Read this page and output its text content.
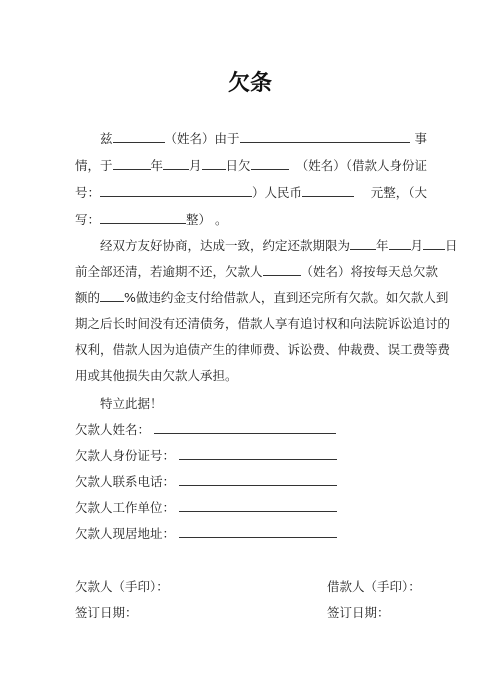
欠条
兹	（姓名）由于	事
情，于	年 月 日欠	（姓名）（借款人身份证
号：	）人民币	元整，（大
写：	整） 。
经双方友好协商，达成一致，约定还款期限为 年 月	日
前全部还清，若逾期不还，欠款人	（姓名）将按每天总欠款
额的 %做违约金支付给借款人，直到还完所有欠款。如欠款人到
期之后长时间没有还清债务，借款人享有追讨权和向法院诉讼追讨的
权利，借款人因为追债产生的律师费、诉讼费、仲裁费、误工费等费
用或其他损失由欠款人承担。
特立此据！
欠款人姓名：
欠款人身份证号：
欠款人联系电话：
欠款人工作单位：
欠款人现居地址：
欠款人（手印）：	借款人（手印）：
签订日期：	签订日期：
